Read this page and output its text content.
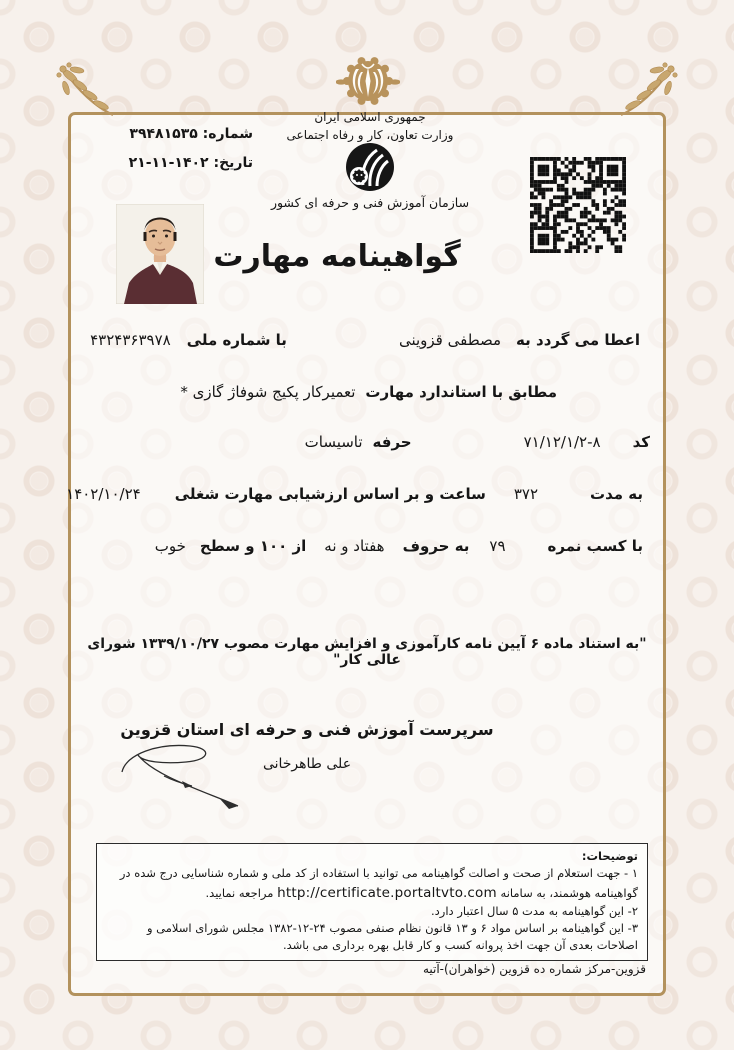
شماره: ۳۹۴۸۱۵۳۵
تاریخ: ۱۴۰۲-۱۱-۲۱
جمهوری اسلامی ایران
وزارت تعاون، کار و رفاه اجتماعی
سازمان آموزش فنی و حرفه ای کشور
گواهینامه مهارت
اعطا می گردد بهمصطفی قزوینیبا شماره ملی۴۳۲۴۳۶۳۹۷۸
مطابق با استاندارد مهارتتعمیرکار پکیج شوفاژ گازی *
کد۸-۷۱/۱۲/۱/۲حرفهتاسیسات
به مدت۳۷۲ساعت و بر اساس ارزشیابی مهارت شغلی۱۴۰۲/۱۰/۲۴
با کسب نمره۷۹به حروفهفتاد و نهاز ۱۰۰ و سطحخوب
"به استناد ماده ۶ آیین نامه کارآموزی و افزایش مهارت مصوب ۱۳۳۹/۱۰/۲۷ شورای عالی کار"
سرپرست آموزش فنی و حرفه ای استان قزوین
علی طاهرخانی
توضیحات:
۱ - جهت استعلام از صحت و اصالت گواهینامه می توانید با استفاده از کد ملی و شماره شناسایی درج شده در گواهینامه هوشمند، به سامانه http://certificate.portaltvto.com مراجعه نمایید.
۲- این گواهینامه به مدت ۵ سال اعتبار دارد.
۳- این گواهینامه بر اساس مواد ۶ و ۱۳ قانون نظام صنفی مصوب ۲۴-۱۲-۱۳۸۲ مجلس شورای اسلامی و اصلاحات بعدی آن جهت اخذ پروانه کسب و کار قابل بهره برداری می باشد.
قزوین-مرکز شماره ده قزوین (خواهران)-آتیه
